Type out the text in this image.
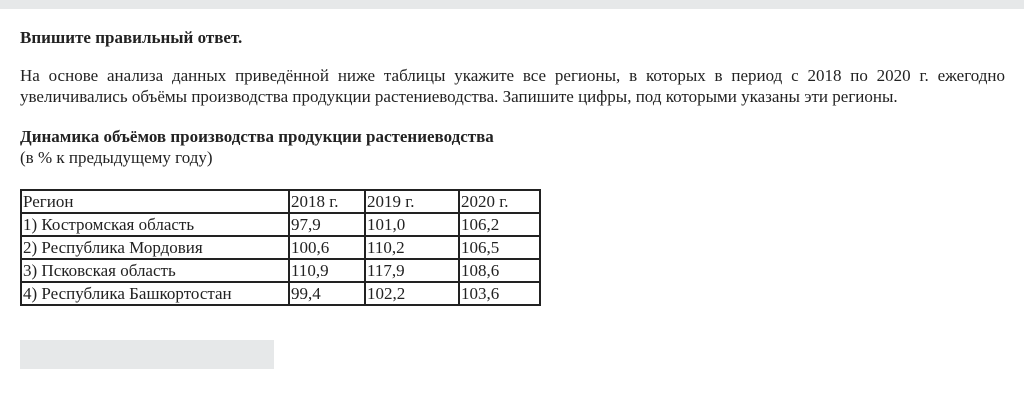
Впишите правильный ответ.

На основе анализа данных приведённой ниже таблицы укажите все регионы, в которых в период с 2018 по 2020 г. ежегодно увеличивались объёмы производства продукции растениеводства. Запишите цифры, под которыми указаны эти регионы.

Динамика объёмов производства продукции растениеводства

(в % к предыдущему году)

Регион	2018 г.	2019 г.	2020 г.
1) Костромская область	97,9	101,0	106,2
2) Республика Мордовия	100,6	110,2	106,5
3) Псковская область	110,9	117,9	108,6
4) Республика Башкортостан	99,4	102,2	103,6
